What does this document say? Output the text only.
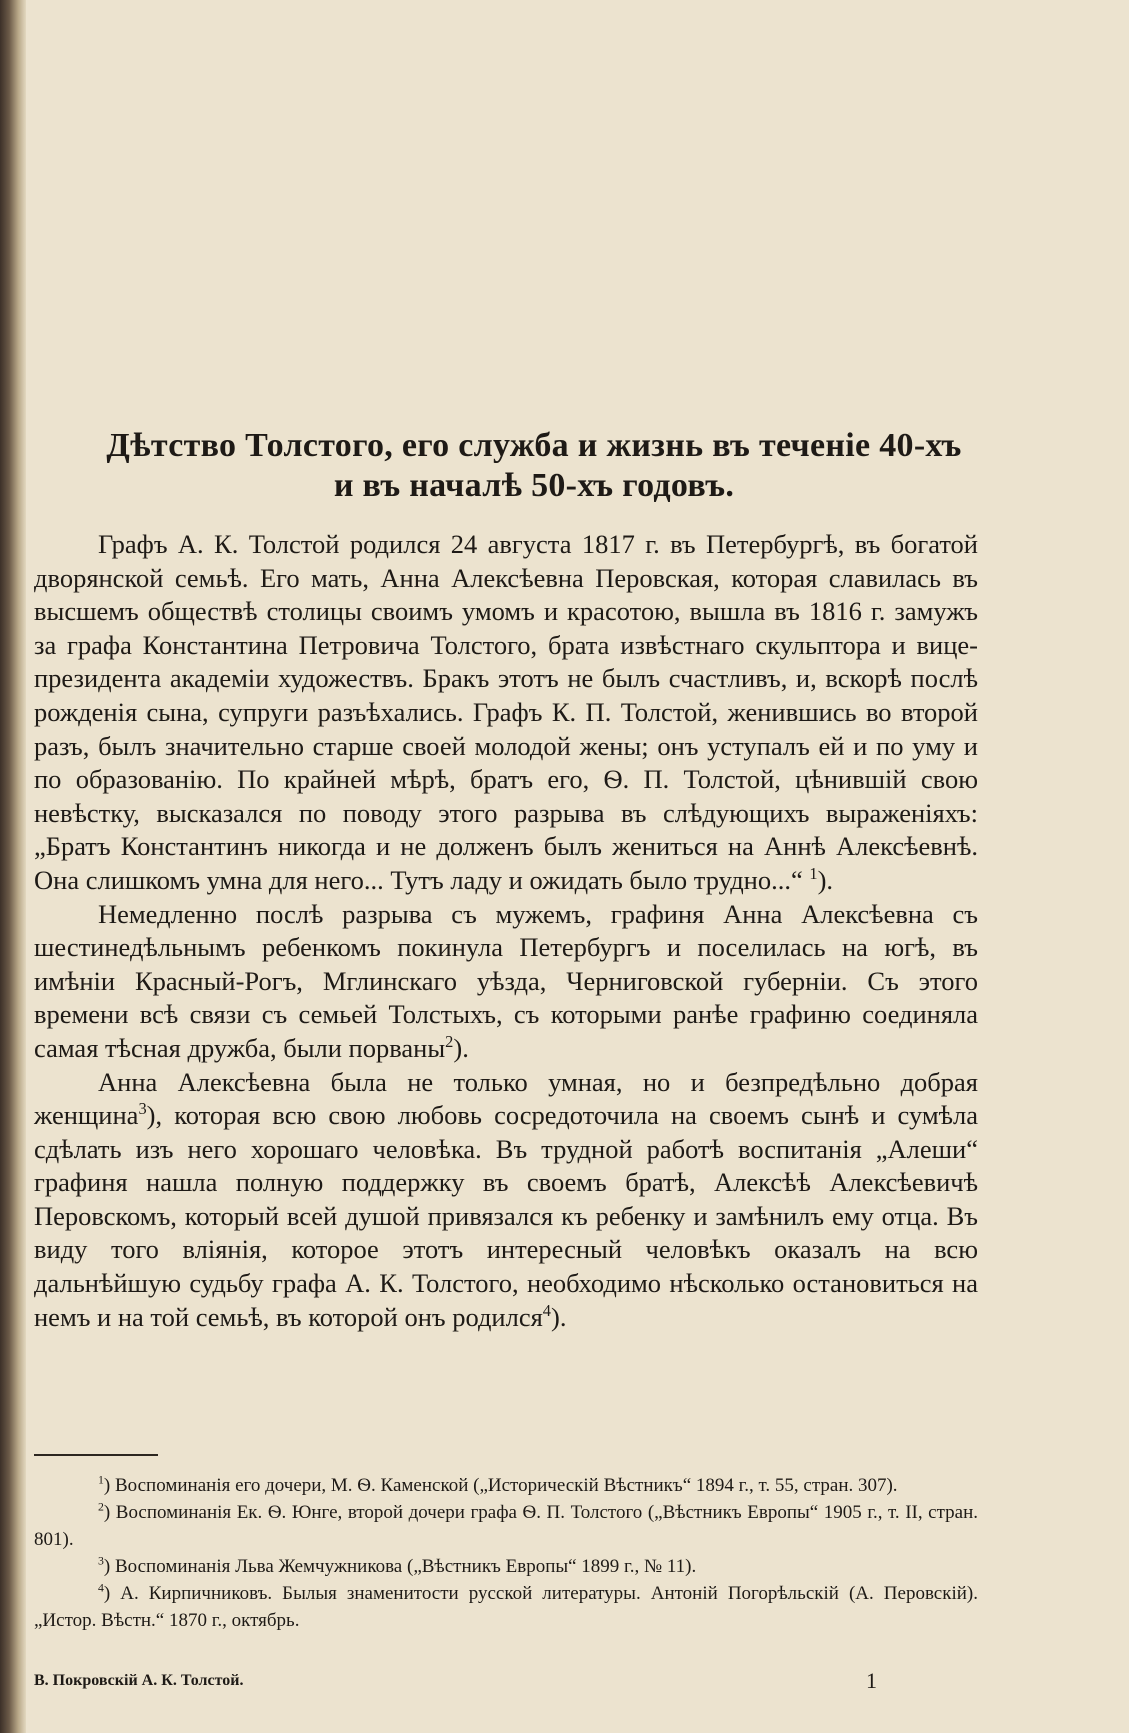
Дѣтство Толстого, его служба и жизнь въ теченіе 40-хъ
и въ началѣ 50-хъ годовъ.

Графъ А. К. Толстой родился 24 августа 1817 г. въ Петербургѣ, въ богатой дворянской семьѣ. Его мать, Анна Алексѣевна Перовская, которая славилась въ высшемъ обществѣ столицы своимъ умомъ и красотою, вышла въ 1816 г. замужъ за графа Константина Петровича Толстого, брата извѣстнаго скульптора и вице-президента академіи художествъ. Бракъ этотъ не былъ счастливъ, и, вскорѣ послѣ рожденія сына, супруги разъѣхались. Графъ К. П. Толстой, женившись во второй разъ, былъ значительно старше своей молодой жены; онъ уступалъ ей и по уму и по образованію. По крайней мѣрѣ, братъ его, Ѳ. П. Толстой, цѣнившій свою невѣстку, высказался по поводу этого разрыва въ слѣдующихъ выраженіяхъ: „Братъ Константинъ никогда и не долженъ былъ жениться на Аннѣ Алексѣевнѣ. Она слишкомъ умна для него... Тутъ ладу и ожидать было трудно...“ $^1$).

Немедленно послѣ разрыва съ мужемъ, графиня Анна Алексѣевна съ шестинедѣльнымъ ребенкомъ покинула Петербургъ и поселилась на югѣ, въ имѣніи Красный-Рогъ, Мглинскаго уѣзда, Черниговской губерніи. Съ этого времени всѣ связи съ семьей Толстыхъ, съ которыми ранѣе графиню соединяла самая тѣсная дружба, были порваны$^2$).

Анна Алексѣевна была не только умная, но и безпредѣльно добрая женщина$^3$), которая всю свою любовь сосредоточила на своемъ сынѣ и сумѣла сдѣлать изъ него хорошаго человѣка. Въ трудной работѣ воспитанія „Алеши“ графиня нашла полную поддержку въ своемъ братѣ, Алексѣѣ Алексѣевичѣ Перовскомъ, который всей душой привязался къ ребенку и замѣнилъ ему отца. Въ виду того вліянія, которое этотъ интересный человѣкъ оказалъ на всю дальнѣйшую судьбу графа А. К. Толстого, необходимо нѣсколько остановиться на немъ и на той семьѣ, въ которой онъ родился$^4$).

$^1$) Воспоминанія его дочери, М. Ѳ. Каменской („Историческій Вѣстникъ“ 1894 г., т. 55, стран. 307).

$^2$) Воспоминанія Ек. Ѳ. Юнге, второй дочери графа Ѳ. П. Толстого („Вѣстникъ Европы“ 1905 г., т. II, стран. 801).

$^3$) Воспоминанія Льва Жемчужникова („Вѣстникъ Европы“ 1899 г., № 11).

$^4$) А. Кирпичниковъ. Былыя знаменитости русской литературы. Антоній Погорѣльскій (А. Перовскій). „Истор. Вѣстн.“ 1870 г., октябрь.

В. Покровскій А. К. Толстой.	1
